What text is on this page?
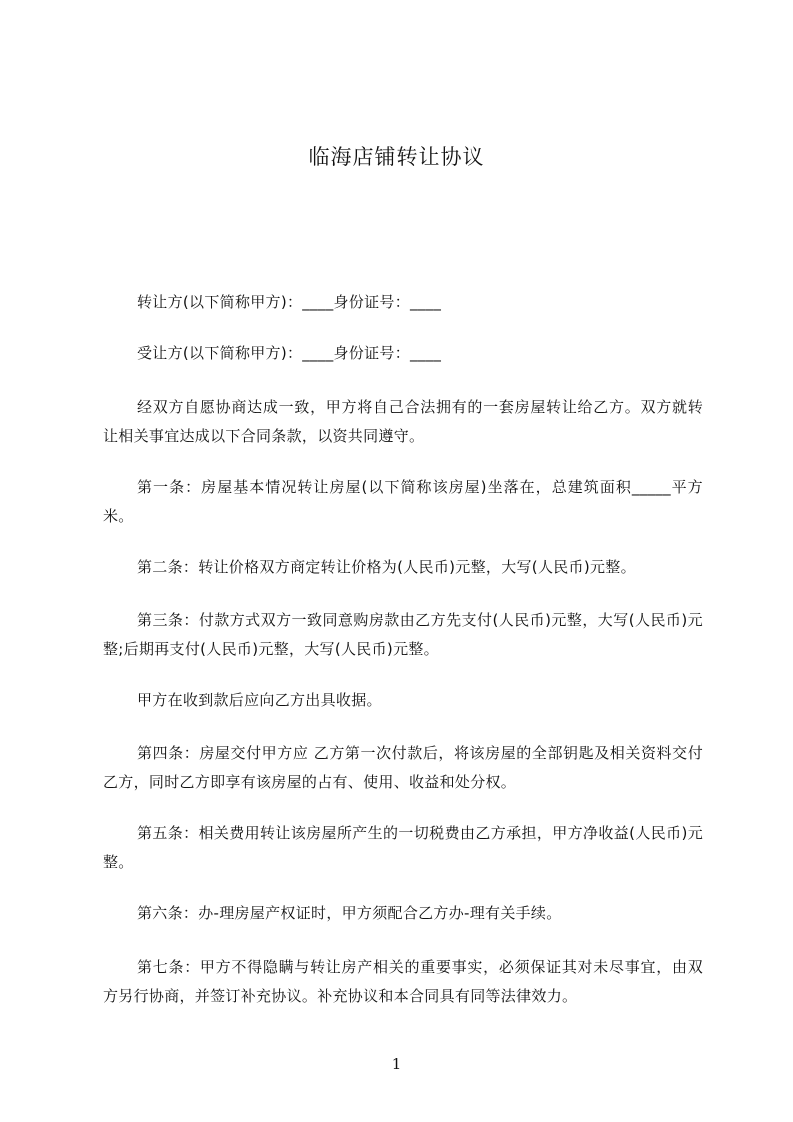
临海店铺转让协议
转让方(以下简称甲方)：____身份证号：____
受让方(以下简称甲方)：____身份证号：____
经双方自愿协商达成一致，甲方将自己合法拥有的一套房屋转让给乙方。双方就转让相关事宜达成以下合同条款，以资共同遵守。
第一条：房屋基本情况转让房屋(以下简称该房屋)坐落在，总建筑面积_____平方米。
第二条：转让价格双方商定转让价格为(人民币)元整，大写(人民币)元整。
第三条：付款方式双方一致同意购房款由乙方先支付(人民币)元整，大写(人民币)元整;后期再支付(人民币)元整，大写(人民币)元整。
甲方在收到款后应向乙方出具收据。
第四条：房屋交付甲方应 乙方第一次付款后，将该房屋的全部钥匙及相关资料交付乙方，同时乙方即享有该房屋的占有、使用、收益和处分权。
第五条：相关费用转让该房屋所产生的一切税费由乙方承担，甲方净收益(人民币)元整。
第六条：办-理房屋产权证时，甲方须配合乙方办-理有关手续。
第七条：甲方不得隐瞒与转让房产相关的重要事实，必须保证其对未尽事宜，由双方另行协商，并签订补充协议。补充协议和本合同具有同等法律效力。
1
